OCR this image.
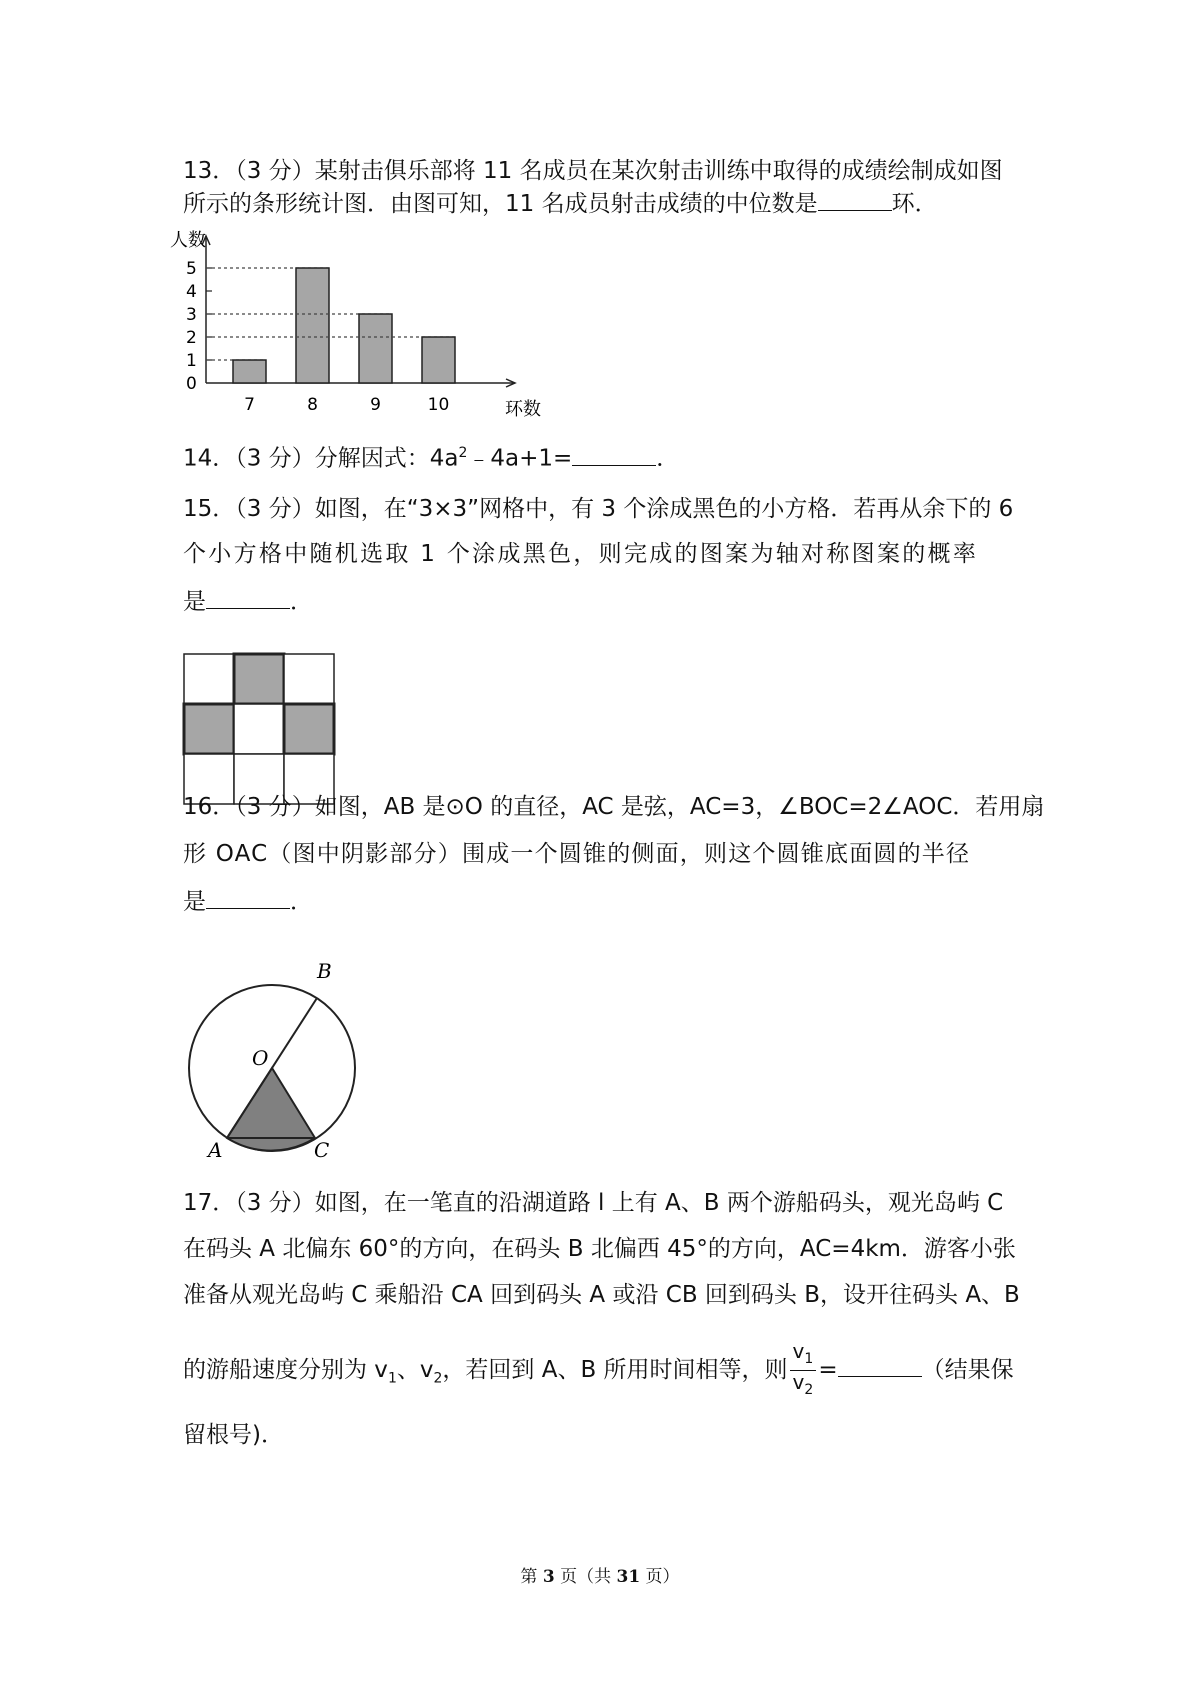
13．（3 分）某射击俱乐部将 11 名成员在某次射击训练中取得的成绩绘制成如图
所示的条形统计图．由图可知，11 名成员射击成绩的中位数是	环．
0
1
2
3
4
5
人数
环数
7	8	9	10
14．（3 分）分解因式：$4a^2﹣4a+1=$	．
15．（3 分）如图，在“3×3”网格中，有 3 个涂成黑色的小方格．若再从余下的 6
个小方格中随机选取 1 个涂成黑色，则完成的图案为轴对称图案的概率
是	．
16．（3 分）如图，AB 是⊙O 的直径，AC 是弦，AC=3，∠BOC=2∠AOC．若用扇
形 OAC（图中阴影部分）围成一个圆锥的侧面，则这个圆锥底面圆的半径
是	．
B
O
A	C
17．（3 分）如图，在一笔直的沿湖道路 l 上有 A、B 两个游船码头，观光岛屿 C
在码头 A 北偏东 60°的方向，在码头 B 北偏西 45°的方向，AC=4km．游客小张
准备从观光岛屿 C 乘船沿 CA 回到码头 A 或沿 CB 回到码头 B，设开往码头 A、B
的游船速度分别为 $v_1$、$v_2$，若回到 A、B 所用时间相等，则 $\frac{v_1}{v_2}$ =	（结果保
留根号)．
第 3 页（共 31 页）
